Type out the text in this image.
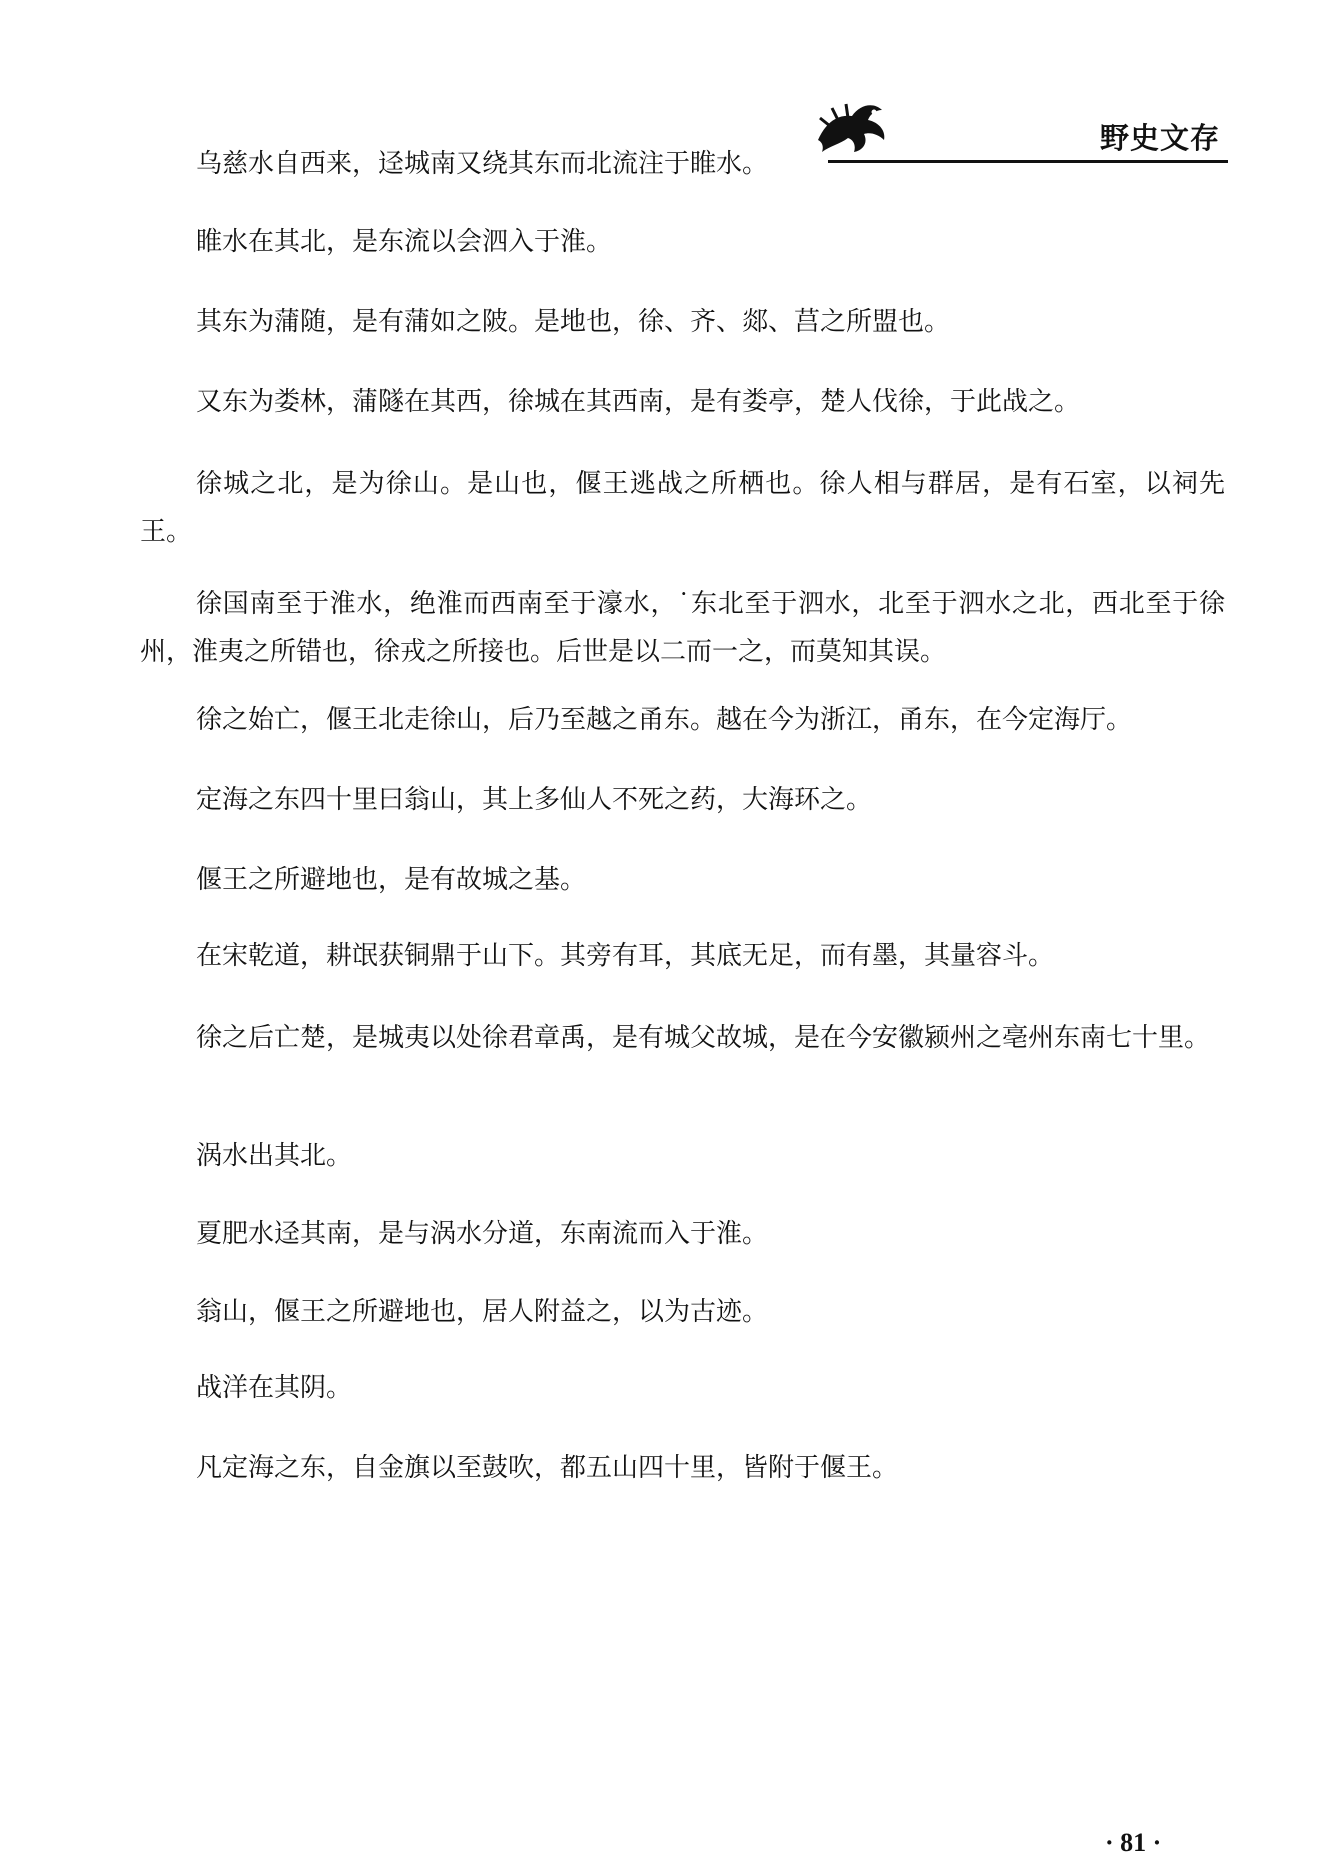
野史文存

乌慈水自西来，迳城南又绕其东而北流注于睢水。

睢水在其北，是东流以会泗入于淮。

其东为蒲随，是有蒲如之陂。是地也，徐、齐、郯、莒之所盟也。

又东为娄林，蒲隧在其西，徐城在其西南，是有娄亭，楚人伐徐，于此战之。

徐城之北，是为徐山。是山也，偃王逃战之所栖也。徐人相与群居，是有石室，以祠先王。

徐国南至于淮水，绝淮而西南至于濠水，˙东北至于泗水，北至于泗水之北，西北至于徐州，淮夷之所错也，徐戎之所接也。后世是以二而一之，而莫知其误。

徐之始亡，偃王北走徐山，后乃至越之甬东。越在今为浙江，甬东，在今定海厅。

定海之东四十里曰翁山，其上多仙人不死之药，大海环之。

偃王之所避地也，是有故城之基。

在宋乾道，耕氓获铜鼎于山下。其旁有耳，其底无足，而有墨，其量容斗。

徐之后亡楚，是城夷以处徐君章禹，是有城父故城，是在今安徽颍州之亳州东南七十里。

涡水出其北。

夏肥水迳其南，是与涡水分道，东南流而入于淮。

翁山，偃王之所避地也，居人附益之，以为古迹。

战洋在其阴。

凡定海之东，自金旗以至鼓吹，都五山四十里，皆附于偃王。

· 81 ·
